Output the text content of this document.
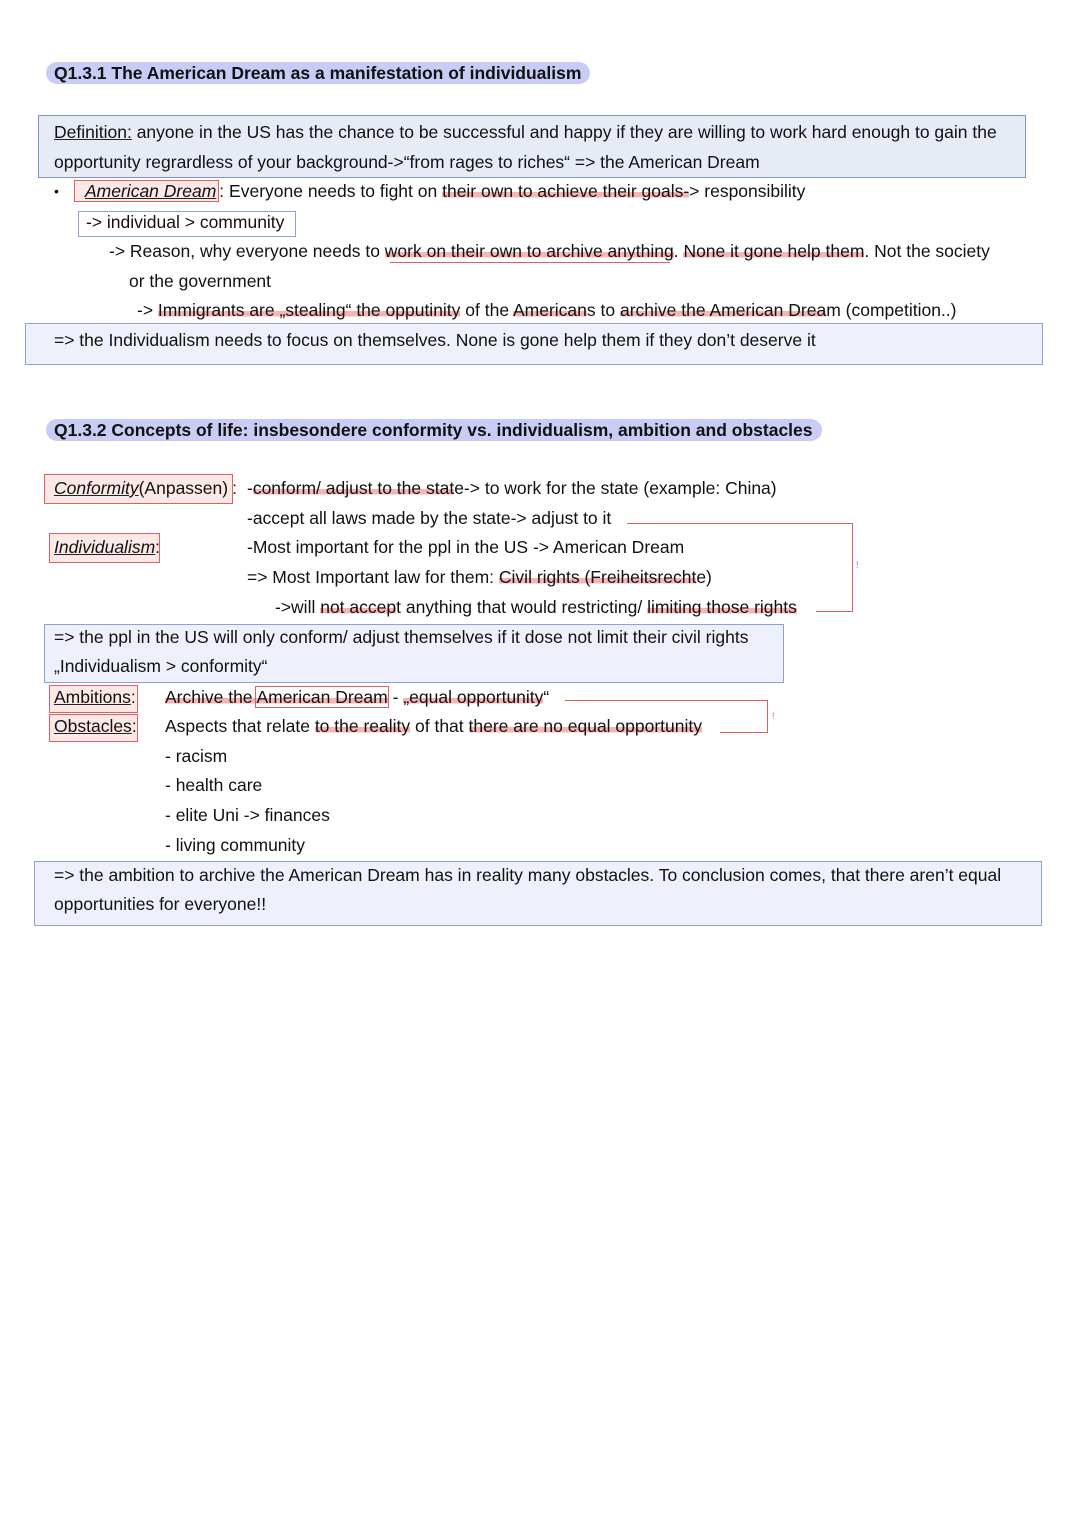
Q1.3.1 The American Dream as a manifestation of individualism
Definition: anyone in the US has the chance to be successful and happy if they are willing to work hard enough to gain the
opportunity regrardless of your background->“from rages to riches“ => the American Dream
•	American Dream : Everyone needs to fight on their own to achieve their goals-> responsibility
-> individual > community
-> Reason, why everyone needs to work on their own to archive anything. None it gone help them. Not the society
or the government
-> Immigrants are „stealing“ the opputinity of the Americans to archive the American Dream (competition..)
=> the Individualism needs to focus on themselves. None is gone help them if they don’t deserve it
Q1.3.2 Concepts of life: insbesondere conformity vs. individualism, ambition and obstacles
Conformity(Anpassen) : -conform/ adjust to the state-> to work for the state (example: China)
-accept all laws made by the state-> adjust to it
Individualism:	-Most important for the ppl in the US -> American Dream
=> Most Important law for them: Civil rights (Freiheitsrechte)
->will not accept anything that would restricting/ limiting those rights
!
=> the ppl in the US will only conform/ adjust themselves if it dose not limit their civil rights
„Individualism > conformity“
Ambitions: Archive the American Dream - „equal opportunity“
Obstacles: Aspects that relate to the reality of that there are no equal opportunity	!
- racism
- health care
- elite Uni -> finances
- living community
=> the ambition to archive the American Dream has in reality many obstacles. To conclusion comes, that there aren’t equal
opportunities for everyone!!
